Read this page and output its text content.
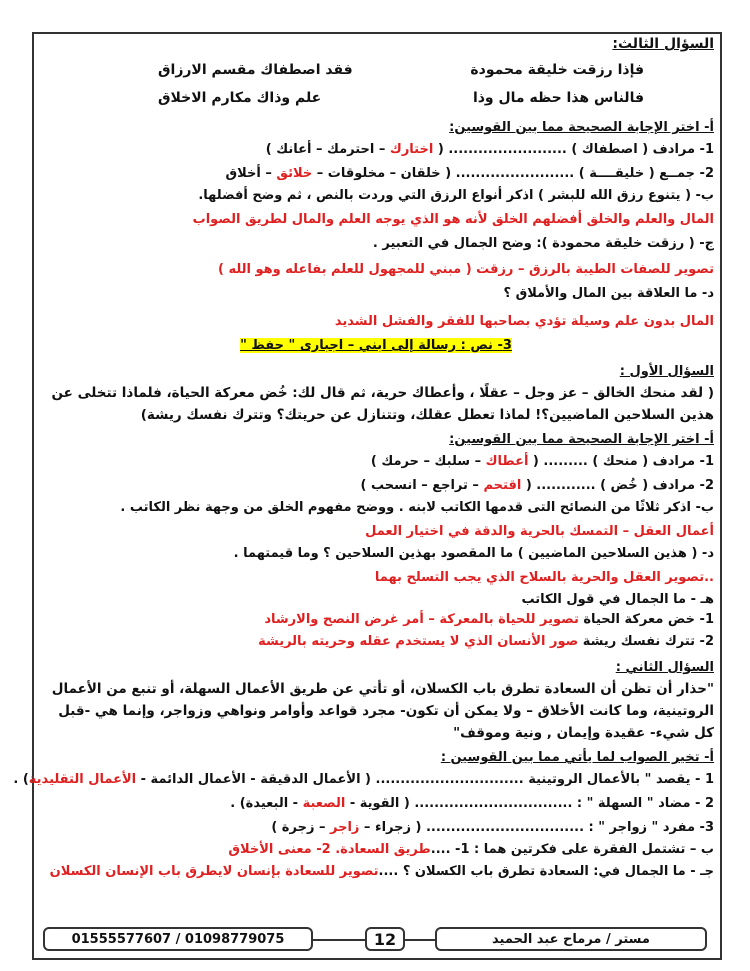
السؤال الثالث:

فإذا رزقت خليقة محمودة
فقد اصطفاك مقسم الارزاق
فالناس هذا حظه مال وذا
علم وذاك مكارم الاخلاق

أ- اختر الإجابة الصحيحة مما بين القوسين:

1- مرادف ( اصطفاك ) ........................ ( اختارك – احترمك – أعانك )

2- جمــع ( خليقــــة ) ........................ ( خلقان – مخلوقات – خلائق – أخلاق

ب- ( يتنوع رزق الله للبشر ) اذكر أنواع الرزق التي وردت بالنص ، ثم وضح أفضلها.

المال والعلم والخلق أفضلهم الخلق لأنه هو الذي يوجه العلم والمال لطريق الصواب

ج- ( رزقت خليقة محمودة ): وضح الجمال في التعبير .

تصوير للصفات الطيبة بالرزق – رزقت ( مبني للمجهول للعلم بفاعله وهو الله )

د- ما العلاقة بين المال والأملاق ؟

المال بدون علم وسيلة تؤدي بصاحبها للفقر والفشل الشديد

3- نص : رسالة إلى ابني – اجبارى " حفظ "

السؤال الأول :

( لقد منحك الخالق – عز وجل – عقلًا ، وأعطاك حرية، ثم قال لك: خُض معركة الحياة، فلماذا تتخلى عن هذين السلاحين الماضيين؟! لماذا تعطل عقلك، وتتنازل عن حريتك؟ وتترك نفسك ريشة)

أ- اختر الإجابة الصحيحة مما بين القوسين:

1- مرادف ( منحك ) ......... ( أعطاك – سلبك – حرمك )

2- مرادف ( خُض ) ............ ( اقتحم – تراجع – انسحب )

ب- اذكر ثلاثًا من النصائح التى قدمها الكاتب لابنه . ووضح مفهوم الخلق من وجهة نظر الكاتب .

أعمال العقل – التمسك بالحرية والدقة في اختيار العمل

د- ( هذين السلاحين الماضيين ) ما المقصود بهذين السلاحين ؟ وما قيمتهما .

..تصوير العقل والحرية بالسلاح الذي يجب التسلح بهما

هـ - ما الجمال في قول الكاتب

1- خض معركة الحياة تصوير للحياة بالمعركة – أمر غرض النصح والارشاد

2- تترك نفسك ريشة صور الأنسان الذي لا يستخدم عقله وحريته بالريشة

السؤال الثاني :

"حذار أن تظن أن السعادة تطرق باب الكسلان، أو تأتي عن طريق الأعمال السهلة، أو تنبع من الأعمال الروتينية، وما كانت الأخلاق – ولا يمكن أن تكون- مجرد قواعد وأوامر ونواهي وزواجر، وإنما هي -قبل كل شيء- عقيدة وإيمان , ونية وموقف"

أ- تخير الصواب لما يأتي مما بين القوسين :

1 - يقصد " بالأعمال الروتينية .............................. ( الأعمال الدقيقة - الأعمال الدائمة - الأعمال التقليدية) .

2 - مضاد " السهلة " : ................................ ( القوية - الصعبة - البعيدة) .

3- مفرد " زواجر " : ................................ ( زجراء – زاجر – زجرة )

ب – تشتمل الفقرة على فكرتين هما : 1- ....طريق السعادة. 2- معنى الأخلاق

جـ - ما الجمال في: السعادة تطرق باب الكسلان ؟ ....تصوير للسعادة بإنسان لايطرق باب الإنسان الكسلان

01555577607 / 01098779075	12	مستر / مرماح عبد الحميد
